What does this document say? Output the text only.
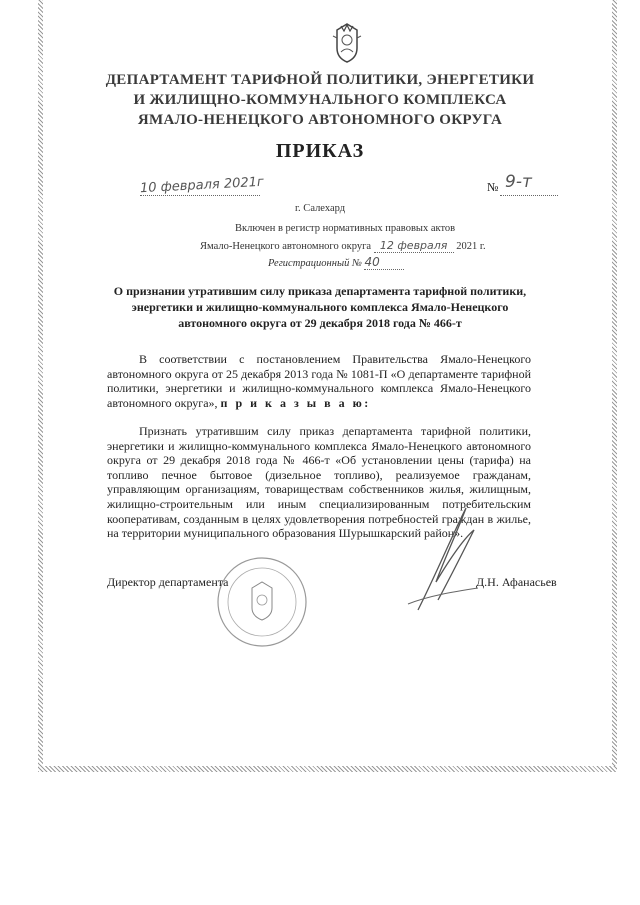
ДЕПАРТАМЕНТ ТАРИФНОЙ ПОЛИТИКИ, ЭНЕРГЕТИКИ
И ЖИЛИЩНО-КОММУНАЛЬНОГО КОМПЛЕКСА
ЯМАЛО-НЕНЕЦКОГО АВТОНОМНОГО ОКРУГА
ПРИКАЗ
10 февраля 2021г	№ 9-т
г. Салехард
Включен в регистр нормативных правовых актов
Ямало-Ненецкого автономного округа 12 февраля 2021 г.
Регистрационный № 40
О признании утратившим силу приказа департамента тарифной политики,
энергетики и жилищно-коммунального комплекса Ямало-Ненецкого
автономного округа от 29 декабря 2018 года № 466-т
В соответствии с постановлением Правительства Ямало-Ненецкого автономного округа от 25 декабря 2013 года № 1081-П «О департаменте тарифной политики, энергетики и жилищно-коммунального комплекса Ямало-Ненецкого автономного округа», п р и к а з ы в а ю:
Признать утратившим силу приказ департамента тарифной политики, энергетики и жилищно-коммунального комплекса Ямало-Ненецкого автономного округа от 29 декабря 2018 года № 466-т «Об установлении цены (тарифа) на топливо печное бытовое (дизельное топливо), реализуемое гражданам, управляющим организациям, товариществам собственников жилья, жилищным, жилищно-строительным или иным специализированным потребительским кооперативам, созданным в целях удовлетворения потребностей граждан в жилье, на территории муниципального образования Шурышкарский район».
Директор департамента	Д.Н. Афанасьев
